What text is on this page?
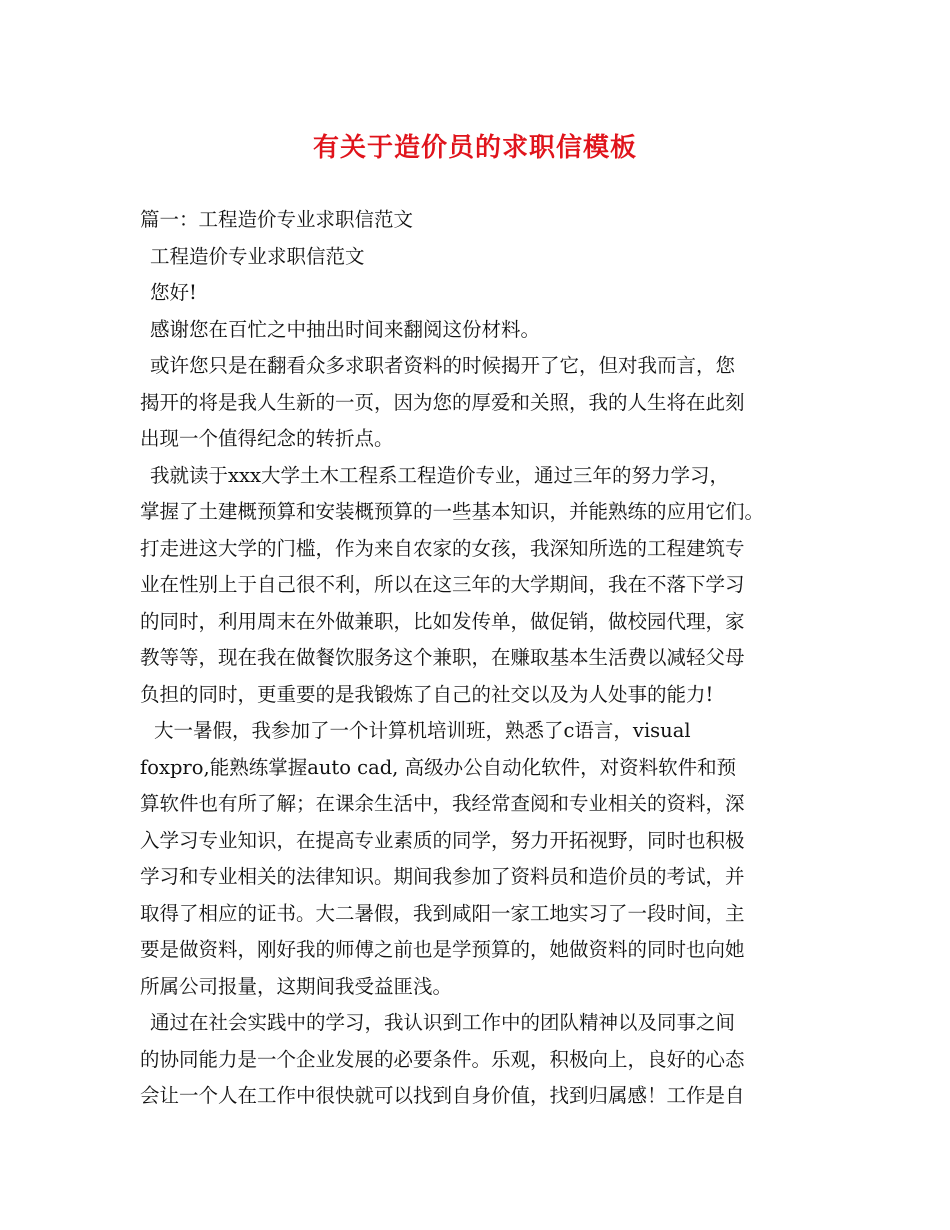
有关于造价员的求职信模板
篇一：工程造价专业求职信范文
工程造价专业求职信范文
您好!
感谢您在百忙之中抽出时间来翻阅这份材料。
或许您只是在翻看众多求职者资料的时候揭开了它，但对我而言，您
揭开的将是我人生新的一页，因为您的厚爱和关照，我的人生将在此刻
出现一个值得纪念的转折点。
我就读于xxx大学土木工程系工程造价专业，通过三年的努力学习，
掌握了土建概预算和安装概预算的一些基本知识，并能熟练的应用它们。
打走进这大学的门槛，作为来自农家的女孩，我深知所选的工程建筑专
业在性别上于自己很不利，所以在这三年的大学期间，我在不落下学习
的同时，利用周末在外做兼职，比如发传单，做促销，做校园代理，家
教等等，现在我在做餐饮服务这个兼职，在赚取基本生活费以减轻父母
负担的同时，更重要的是我锻炼了自己的社交以及为人处事的能力!
大一暑假，我参加了一个计算机培训班，熟悉了c语言，visual
foxpro,能熟练掌握auto cad, 高级办公自动化软件，对资料软件和预
算软件也有所了解；在课余生活中，我经常查阅和专业相关的资料，深
入学习专业知识，在提高专业素质的同学，努力开拓视野，同时也积极
学习和专业相关的法律知识。期间我参加了资料员和造价员的考试，并
取得了相应的证书。大二暑假，我到咸阳一家工地实习了一段时间，主
要是做资料，刚好我的师傅之前也是学预算的，她做资料的同时也向她
所属公司报量，这期间我受益匪浅。
通过在社会实践中的学习，我认识到工作中的团队精神以及同事之间
的协同能力是一个企业发展的必要条件。乐观，积极向上，良好的心态
会让一个人在工作中很快就可以找到自身价值，找到归属感！工作是自
